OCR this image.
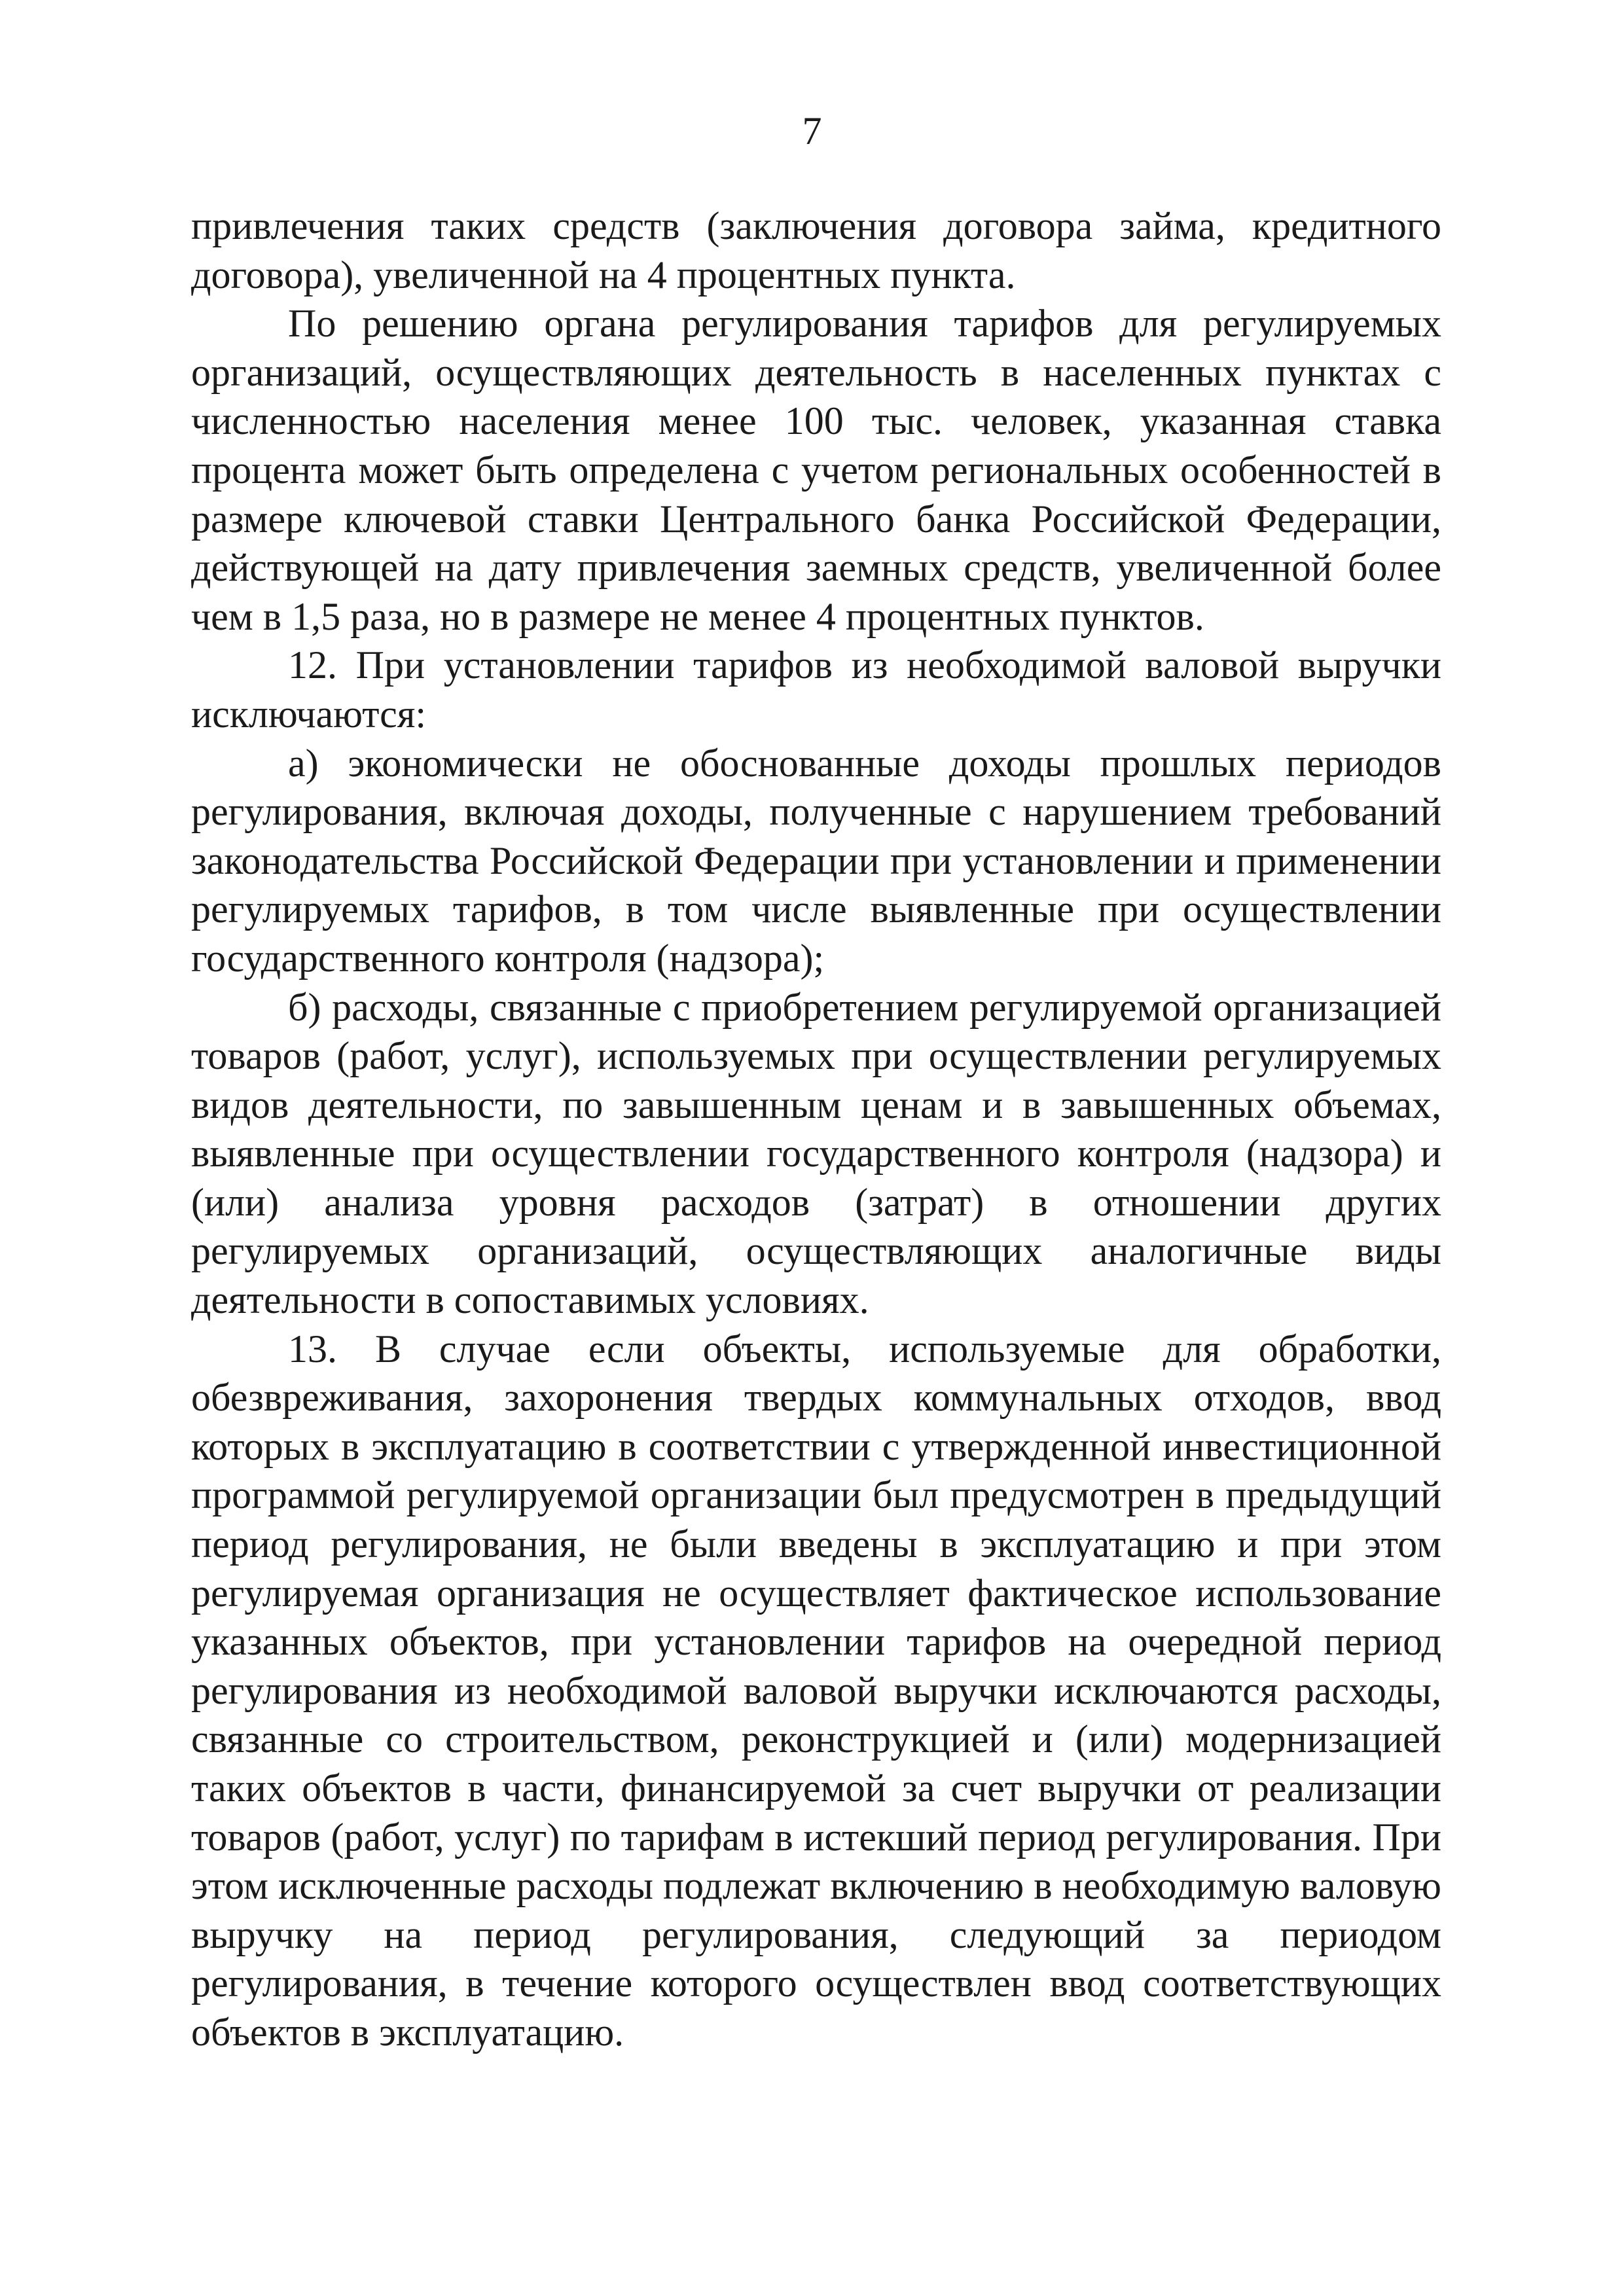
7

привлечения таких средств (заключения договора займа, кредитного договора), увеличенной на 4 процентных пункта.

По решению органа регулирования тарифов для регулируемых организаций, осуществляющих деятельность в населенных пунктах с численностью населения менее 100 тыс. человек, указанная ставка процента может быть определена с учетом региональных особенностей в размере ключевой ставки Центрального банка Российской Федерации, действующей на дату привлечения заемных средств, увеличенной более чем в 1,5 раза, но в размере не менее 4 процентных пунктов.

12. При установлении тарифов из необходимой валовой выручки исключаются:

а) экономически не обоснованные доходы прошлых периодов регулирования, включая доходы, полученные с нарушением требований законодательства Российской Федерации при установлении и применении регулируемых тарифов, в том числе выявленные при осуществлении государственного контроля (надзора);

б) расходы, связанные с приобретением регулируемой организацией товаров (работ, услуг), используемых при осуществлении регулируемых видов деятельности, по завышенным ценам и в завышенных объемах, выявленные при осуществлении государственного контроля (надзора) и (или) анализа уровня расходов (затрат) в отношении других регулируемых организаций, осуществляющих аналогичные виды деятельности в сопоставимых условиях.

13. В случае если объекты, используемые для обработки, обезвреживания, захоронения твердых коммунальных отходов, ввод которых в эксплуатацию в соответствии с утвержденной инвестиционной программой регулируемой организации был предусмотрен в предыдущий период регулирования, не были введены в эксплуатацию и при этом регулируемая организация не осуществляет фактическое использование указанных объектов, при установлении тарифов на очередной период регулирования из необходимой валовой выручки исключаются расходы, связанные со строительством, реконструкцией и (или) модернизацией таких объектов в части, финансируемой за счет выручки от реализации товаров (работ, услуг) по тарифам в истекший период регулирования. При этом исключенные расходы подлежат включению в необходимую валовую выручку на период регулирования, следующий за периодом регулирования, в течение которого осуществлен ввод соответствующих объектов в эксплуатацию.
